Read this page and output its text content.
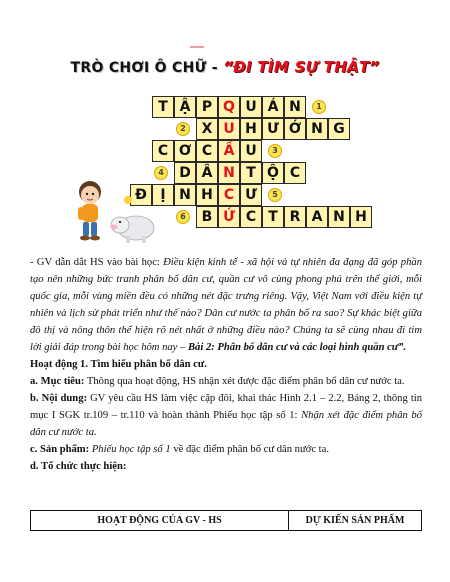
TRÒ CHƠI Ô CHỮ - “ĐI TÌM SỰ THẬT”
T Ậ P Q U Á N	1
X U H Ư Ớ N G
2
C Ơ C Ấ U	3
D Â N T Ộ C
4
Đ Ị N H C Ư	5
B Ứ C T R A N H
6

- GV dẫn dắt HS vào bài học: Điều kiện kinh tế - xã hội và tự nhiên đa đạng đã góp phần tạo nên những bức tranh phân bố dân cư, quần cư vô cùng phong phú trên thế giới, mỗi quốc gia, mỗi vùng miền đều có những nét đặc trưng riêng. Vậy, Việt Nam với điều kiện tự nhiên và lịch sử phát triển như thế nào? Dân cư nước ta phân bố ra sao? Sự khác biệt giữa đô thị và nông thôn thể hiện rõ nét nhất ở những điều nào? Chúng ta sẽ cùng nhau đi tìm lời giải đáp trong bài học hôm nay – Bài 2: Phân bố dân cư và các loại hình quần cư”.

Hoạt động 1. Tìm hiểu phân bố dân cư.

a. Mục tiêu: Thông qua hoạt động, HS nhận xét được đặc điểm phân bố dân cư nước ta.

b. Nội dung: GV yêu cầu HS làm việc cặp đôi, khai thác Hình 2.1 – 2.2, Bảng 2, thông tin mục I SGK tr.109 – tr.110 và hoàn thành Phiếu học tập số 1: Nhận xét đặc điểm phân bố dân cư nước ta.

c. Sản phẩm: Phiếu học tập số 1 về đặc điểm phân bố cư dân nước ta.

d. Tổ chức thực hiện:

HOẠT ĐỘNG CỦA GV - HS	DỰ KIẾN SẢN PHẨM
